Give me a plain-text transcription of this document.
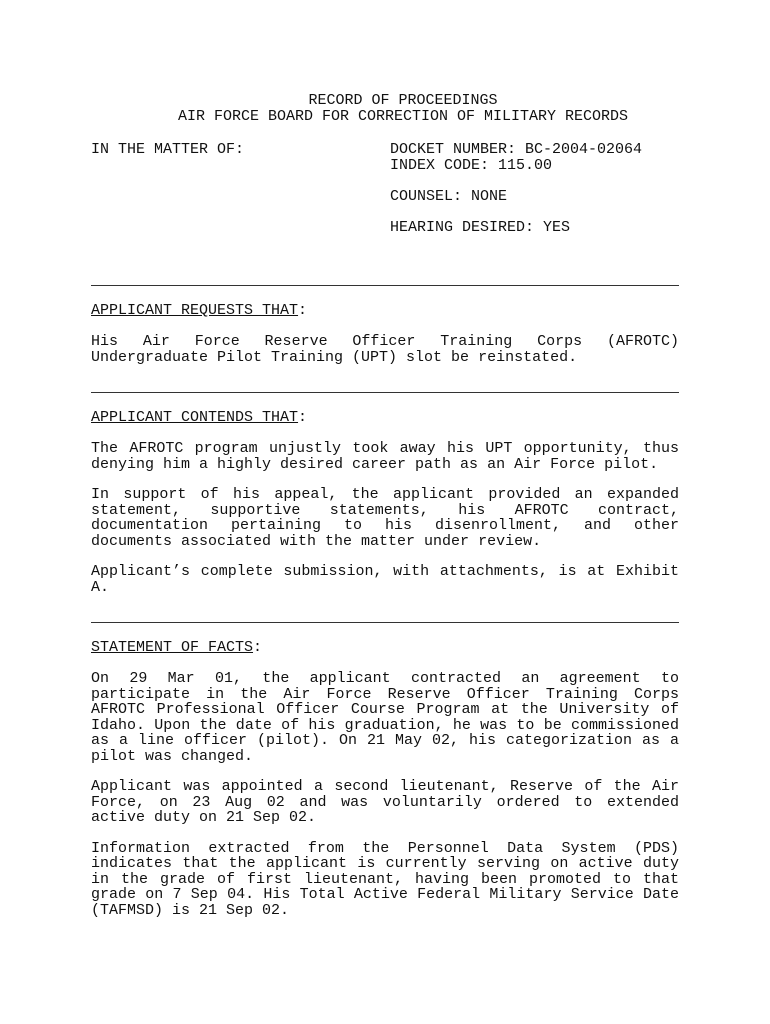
RECORD OF PROCEEDINGS
AIR FORCE BOARD FOR CORRECTION OF MILITARY RECORDS
IN THE MATTER OF:	DOCKET NUMBER: BC-2004-02064
INDEX CODE: 115.00
COUNSEL: NONE
HEARING DESIRED: YES
APPLICANT REQUESTS THAT:

His Air Force Reserve Officer Training Corps (AFROTC) Undergraduate Pilot Training (UPT) slot be reinstated.

APPLICANT CONTENDS THAT:

The AFROTC program unjustly took away his UPT opportunity, thus denying him a highly desired career path as an Air Force pilot.

In support of his appeal, the applicant provided an expanded statement, supportive statements, his AFROTC contract, documentation pertaining to his disenrollment, and other documents associated with the matter under review.

Applicant’s complete submission, with attachments, is at Exhibit A.

STATEMENT OF FACTS:

On 29 Mar 01, the applicant contracted an agreement to participate in the Air Force Reserve Officer Training Corps AFROTC Professional Officer Course Program at the University of Idaho. Upon the date of his graduation, he was to be commissioned as a line officer (pilot). On 21 May 02, his categorization as a pilot was changed.

Applicant was appointed a second lieutenant, Reserve of the Air Force, on 23 Aug 02 and was voluntarily ordered to extended active duty on 21 Sep 02.

Information extracted from the Personnel Data System (PDS) indicates that the applicant is currently serving on active duty in the grade of first lieutenant, having been promoted to that grade on 7 Sep 04. His Total Active Federal Military Service Date (TAFMSD) is 21 Sep 02.
